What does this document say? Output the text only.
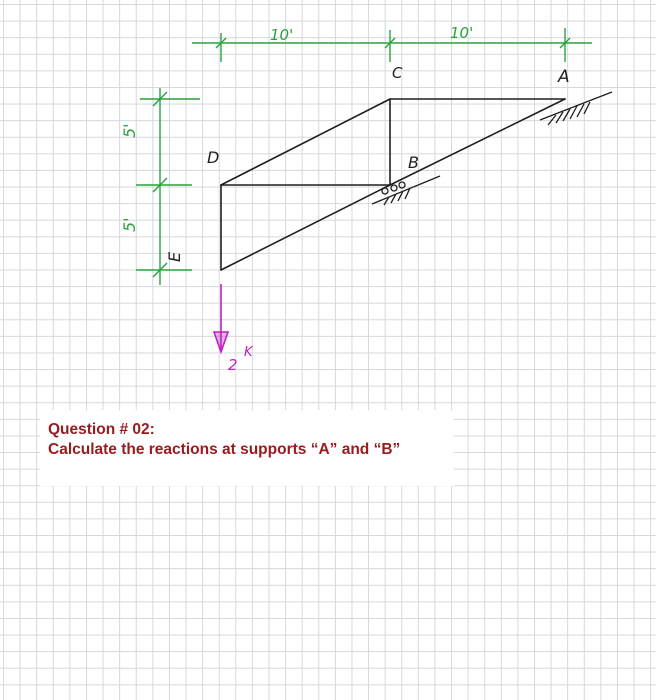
10'	10'
5'
5'
A
C
D	B
E
2
K
Question # 02:
Calculate the reactions at supports “A” and “B”
